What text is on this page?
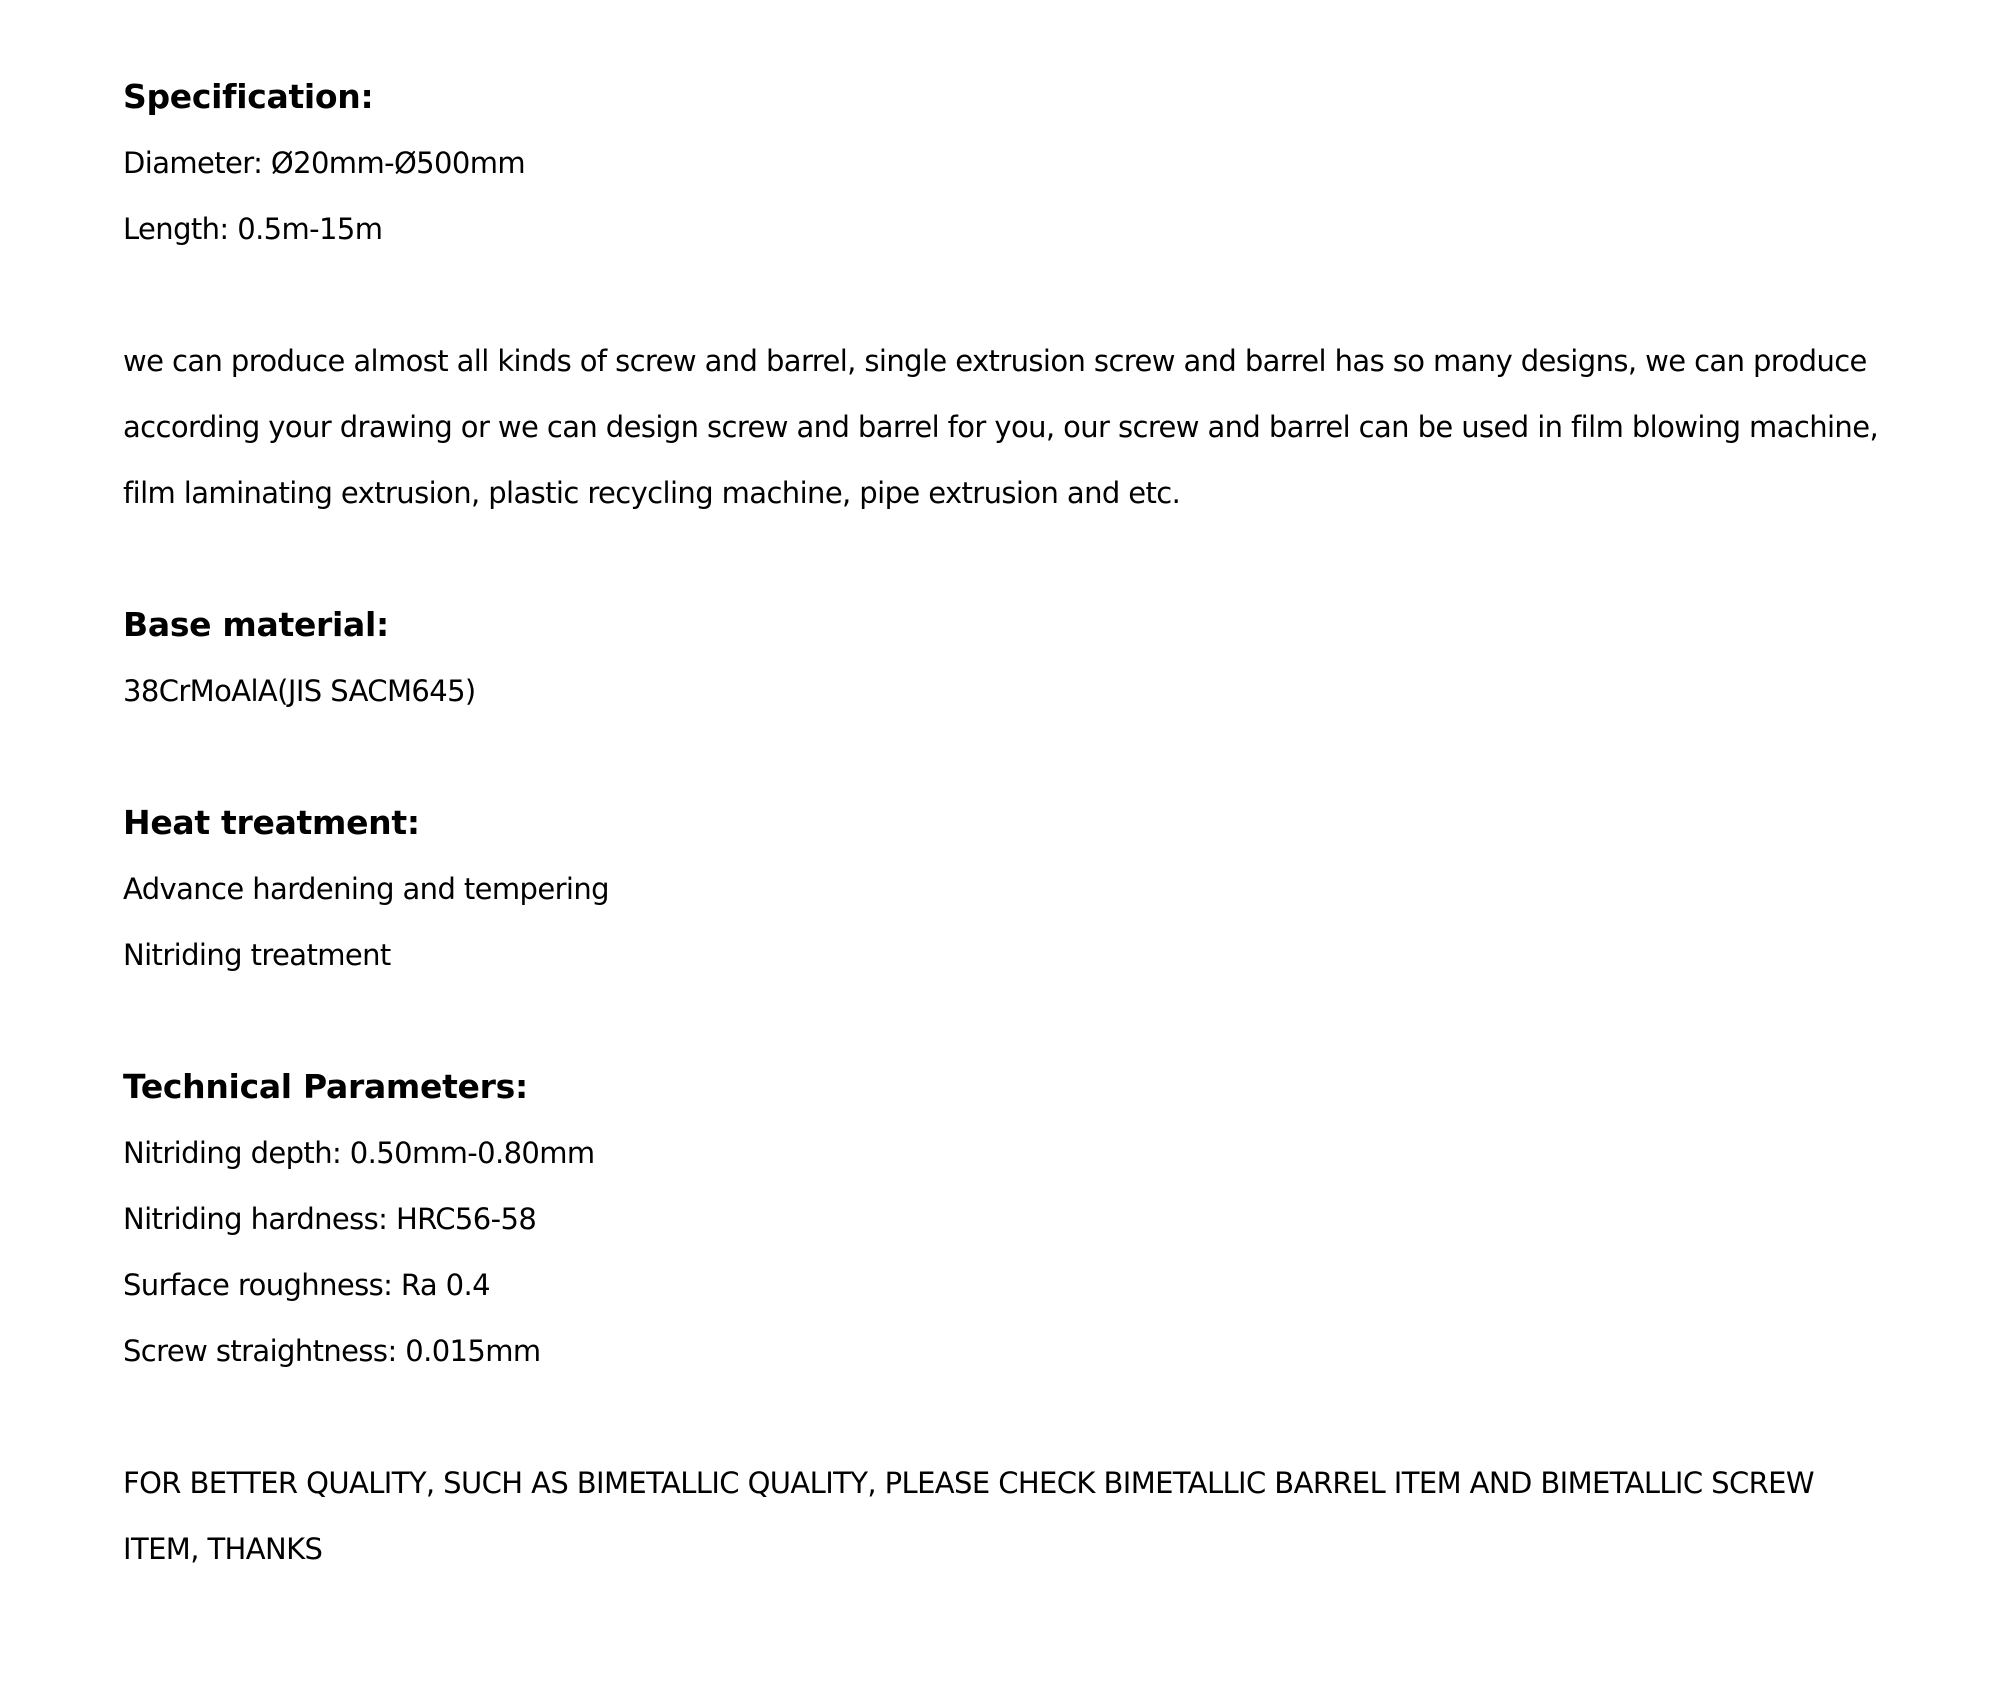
Specification:
Diameter: Ø20mm-Ø500mm
Length: 0.5m-15m
we can produce almost all kinds of screw and barrel, single extrusion screw and barrel has so many designs, we can produce
according your drawing or we can design screw and barrel for you, our screw and barrel can be used in film blowing machine,
film laminating extrusion, plastic recycling machine, pipe extrusion and etc.
Base material:
38CrMoAlA(JIS SACM645)
Heat treatment:
Advance hardening and tempering
Nitriding treatment
Technical Parameters:
Nitriding depth: 0.50mm-0.80mm
Nitriding hardness: HRC56-58
Surface roughness: Ra 0.4
Screw straightness: 0.015mm
FOR BETTER QUALITY, SUCH AS BIMETALLIC QUALITY, PLEASE CHECK BIMETALLIC BARREL ITEM AND BIMETALLIC SCREW
ITEM, THANKS
